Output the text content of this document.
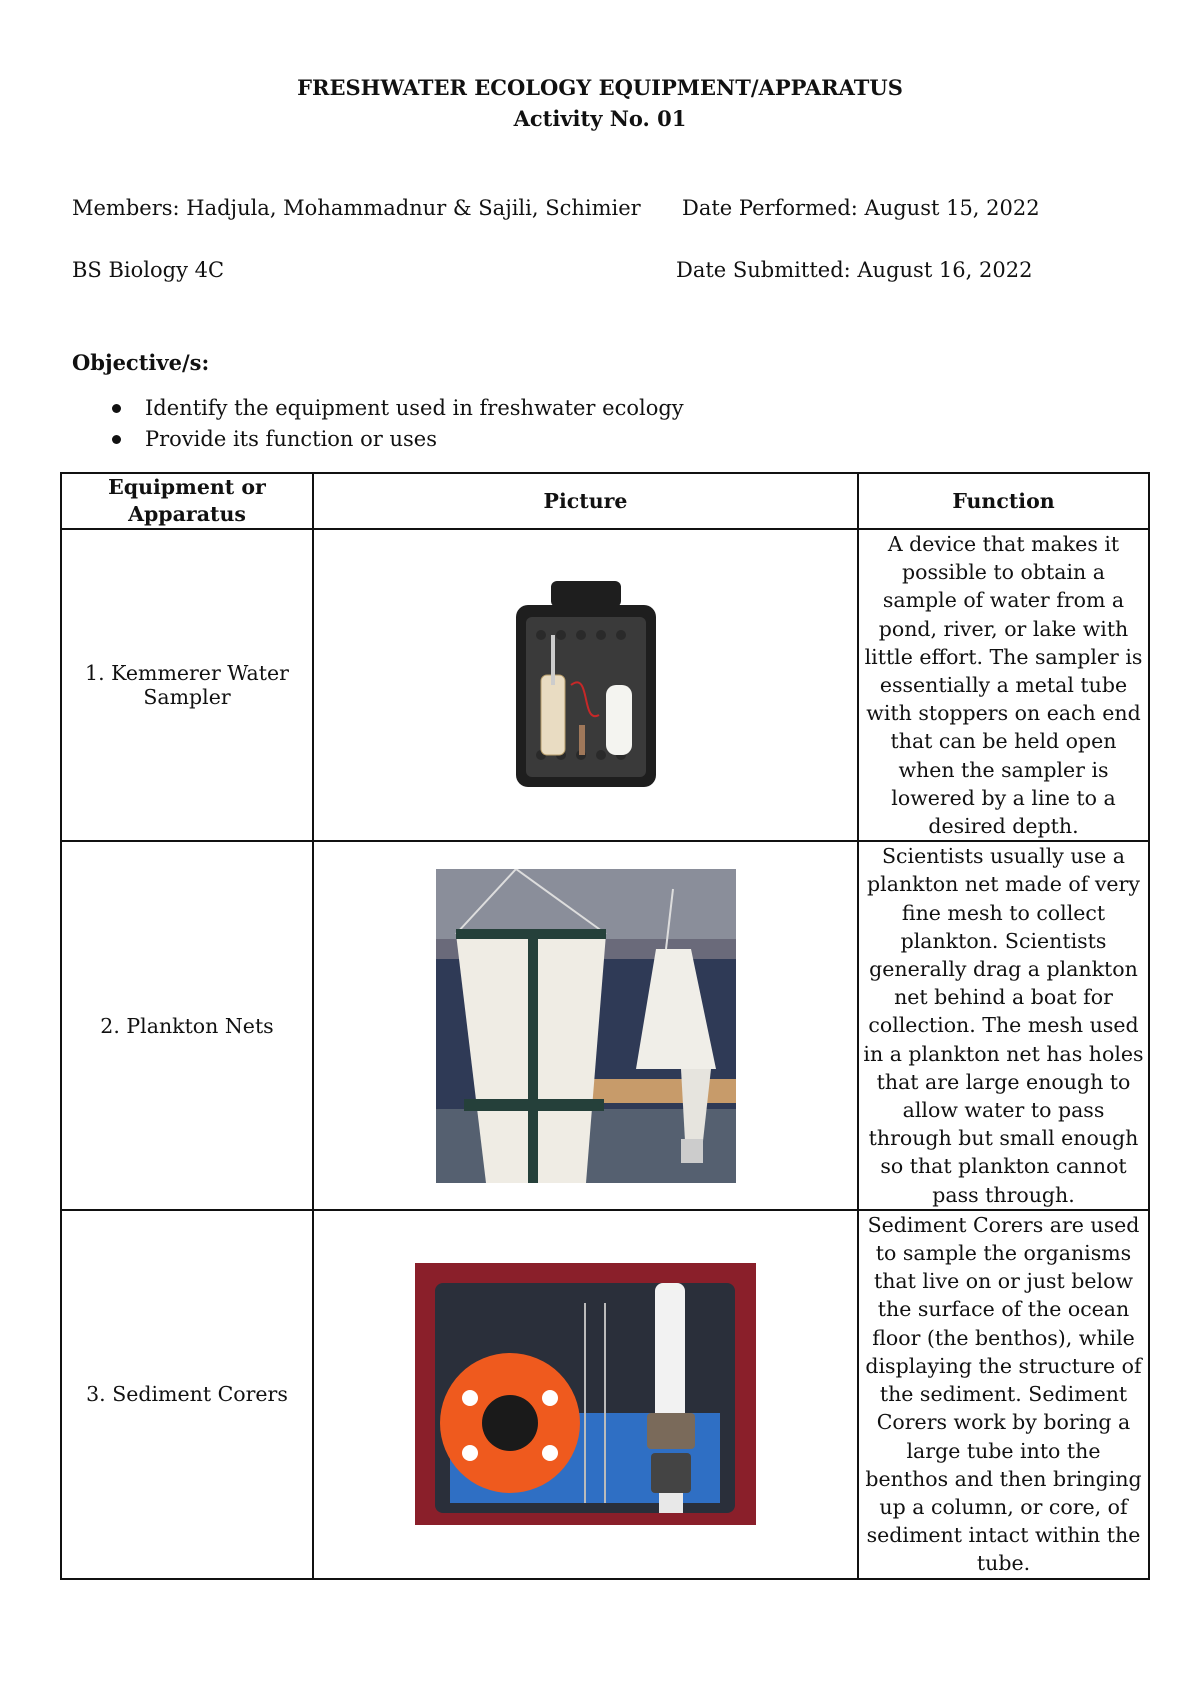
FRESHWATER ECOLOGY EQUIPMENT/APPARATUS
Activity No. 01
Members: Hadjula, Mohammadnur & Sajili, Schimier Date Performed: August 15, 2022
BS Biology 4C	Date Submitted: August 16, 2022
Objective/s:
Identify the equipment used in freshwater ecology
Provide its function or uses
Equipment or Apparatus	Picture	Function
1. Kemmerer Water Sampler		A device that makes it possible to obtain a sample of water from a pond, river, or lake with little effort. The sampler is essentially a metal tube with stoppers on each end that can be held open when the sampler is lowered by a line to a desired depth.
2. Plankton Nets		Scientists usually use a plankton net made of very fine mesh to collect plankton. Scientists generally drag a plankton net behind a boat for collection. The mesh used in a plankton net has holes that are large enough to allow water to pass through but small enough so that plankton cannot pass through.
3. Sediment Corers		Sediment Corers are used to sample the organisms that live on or just below the surface of the ocean floor (the benthos), while displaying the structure of the sediment. Sediment Corers work by boring a large tube into the benthos and then bringing up a column, or core, of sediment intact within the tube.
